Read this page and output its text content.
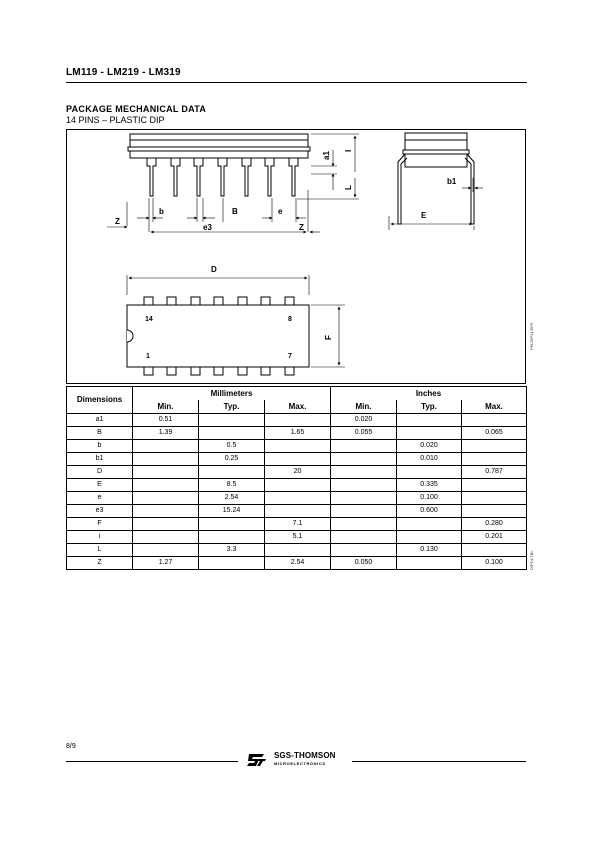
LM119 - LM219 - LM319
PACKAGE MECHANICAL DATA
14 PINS – PLASTIC DIP
Z
b	B	e
e3	Z
a1
I
L
b1
E
D
F
14	8
1	7
PM-DIP14.EPS
Dimensions	Millimeters			Inches		
	Min.	Typ.	Max.	Min.	Typ.	Max.
a1	0.51			0.020		
B	1.39		1.65	0.055		0.065
b		0.5			0.020	
b1		0.25			0.010	
D			20			0.787
E		8.5			0.335	
e		2.54			0.100	
e3		15.24			0.600	
F			7.1			0.280
i			5.1			0.201
L		3.3			0.130	
Z	1.27		2.54	0.050		0.100	DIP14.TBL
8/9
SGS-THOMSON
MICROELECTRONICS
